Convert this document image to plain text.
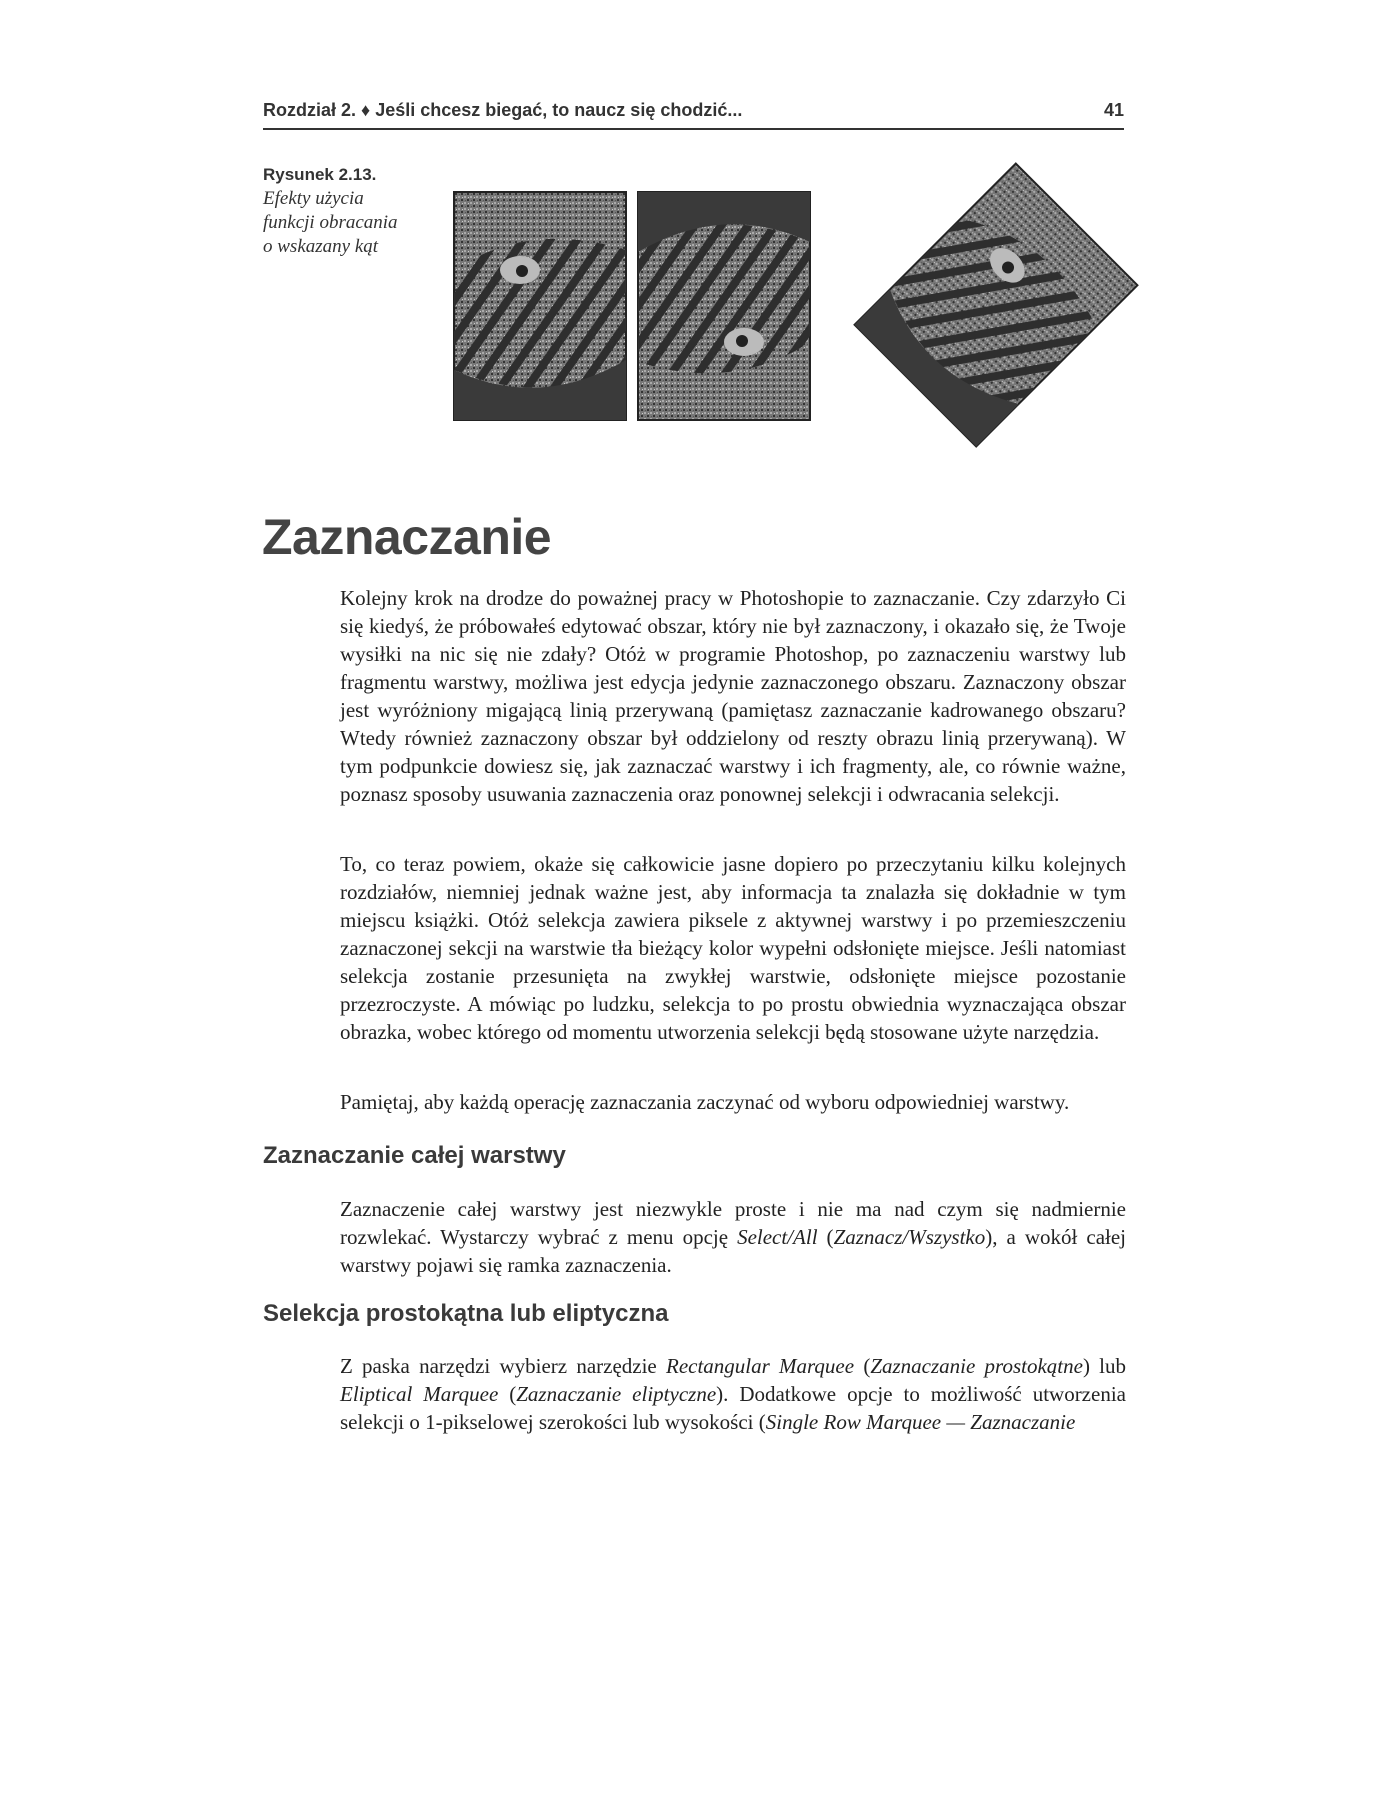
Rozdział 2. ♦ Jeśli chcesz biegać, to naucz się chodzić...	41
Rysunek 2.13.
Efekty użycia
funkcji obracania
o wskazany kąt
Zaznaczanie

Kolejny krok na drodze do poważnej pracy w Photoshopie to zaznaczanie. Czy zdarzyło Ci się kiedyś, że próbowałeś edytować obszar, który nie był zaznaczony, i okazało się, że Twoje wysiłki na nic się nie zdały? Otóż w programie Photoshop, po zaznaczeniu warstwy lub fragmentu warstwy, możliwa jest edycja jedynie zaznaczonego obszaru. Zaznaczony obszar jest wyróżniony migającą linią przerywaną (pamiętasz zaznaczanie kadrowanego obszaru? Wtedy również zaznaczony obszar był oddzielony od reszty obrazu linią przerywaną). W tym podpunkcie dowiesz się, jak zaznaczać warstwy i ich fragmenty, ale, co równie ważne, poznasz sposoby usuwania zaznaczenia oraz ponownej selekcji i odwracania selekcji.

To, co teraz powiem, okaże się całkowicie jasne dopiero po przeczytaniu kilku kolejnych rozdziałów, niemniej jednak ważne jest, aby informacja ta znalazła się dokładnie w tym miejscu książki. Otóż selekcja zawiera piksele z aktywnej warstwy i po przemieszczeniu zaznaczonej sekcji na warstwie tła bieżący kolor wypełni odsłonięte miejsce. Jeśli natomiast selekcja zostanie przesunięta na zwykłej warstwie, odsłonięte miejsce pozostanie przezroczyste. A mówiąc po ludzku, selekcja to po prostu obwiednia wyznaczająca obszar obrazka, wobec którego od momentu utworzenia selekcji będą stosowane użyte narzędzia.

Pamiętaj, aby każdą operację zaznaczania zaczynać od wyboru odpowiedniej warstwy.

Zaznaczanie całej warstwy

Zaznaczenie całej warstwy jest niezwykle proste i nie ma nad czym się nadmiernie rozwlekać. Wystarczy wybrać z menu opcję Select/All (Zaznacz/Wszystko), a wokół całej warstwy pojawi się ramka zaznaczenia.

Selekcja prostokątna lub eliptyczna

Z paska narzędzi wybierz narzędzie Rectangular Marquee (Zaznaczanie prostokątne) lub Eliptical Marquee (Zaznaczanie eliptyczne). Dodatkowe opcje to możliwość utworzenia selekcji o 1-pikselowej szerokości lub wysokości (Single Row Marquee — Zaznaczanie
